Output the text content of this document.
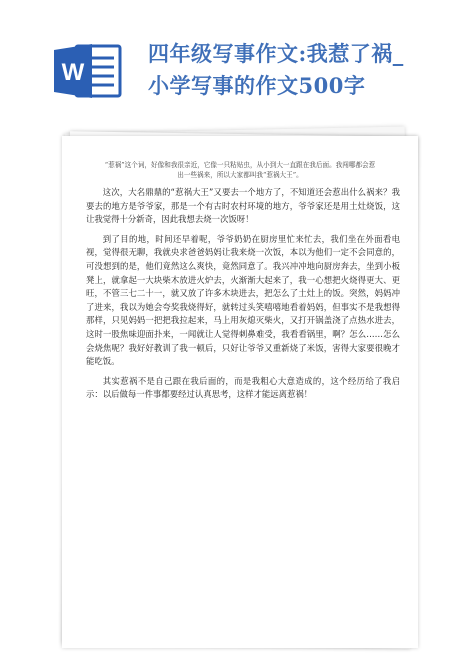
W
四年级写事作文:我惹了祸_
小学写事的作文500字
“惹祸”这个词，好像和我很亲近，它像一只粘贴虫，从小到大一直跟在我后面。我闯哪都会惹出一些祸来，所以大家都叫我“惹祸大王”。

这次，大名鼎鼎的“惹祸大王”又要去一个地方了，不知道还会惹出什么祸来？我要去的地方是爷爷家，那是一个有古时农村环境的地方，爷爷家还是用土灶烧饭，这让我觉得十分新奇，因此我想去烧一次饭呀！

到了目的地，时间还早着呢，爷爷奶奶在厨房里忙来忙去，我们坐在外面看电视，觉得很无聊，我就央求爸爸妈妈让我来烧一次饭，本以为他们一定不会同意的，可没想到的是，他们竟然这么爽快，竟然同意了。我兴冲冲地向厨房奔去，坐到小板凳上，就拿起一大块柴木放进火炉去，火渐渐大起来了，我一心想把火烧得更大、更旺，不管三七二十一，就又放了许多木块进去，把怎么了土灶上的饭。突然，妈妈冲了进来，我以为她会夸奖我烧得好，就转过头笑嘻嘻地看着妈妈，但事实不是我想得那样，只见妈妈一把把我拉起来，马上用灰熄灭柴火，又打开锅盖浇了点热水进去，这时一股焦味迎面扑来，一闻就让人觉得刺鼻难受，我看看锅里，啊？怎么……怎么会烧焦呢？我好好教训了我一顿后，只好让爷爷又重新烧了米饭，害得大家要很晚才能吃饭。

其实惹祸不是自己跟在我后面的，而是我粗心大意造成的，这个经历给了我启示：以后做每一件事都要经过认真思考，这样才能远离惹祸！
